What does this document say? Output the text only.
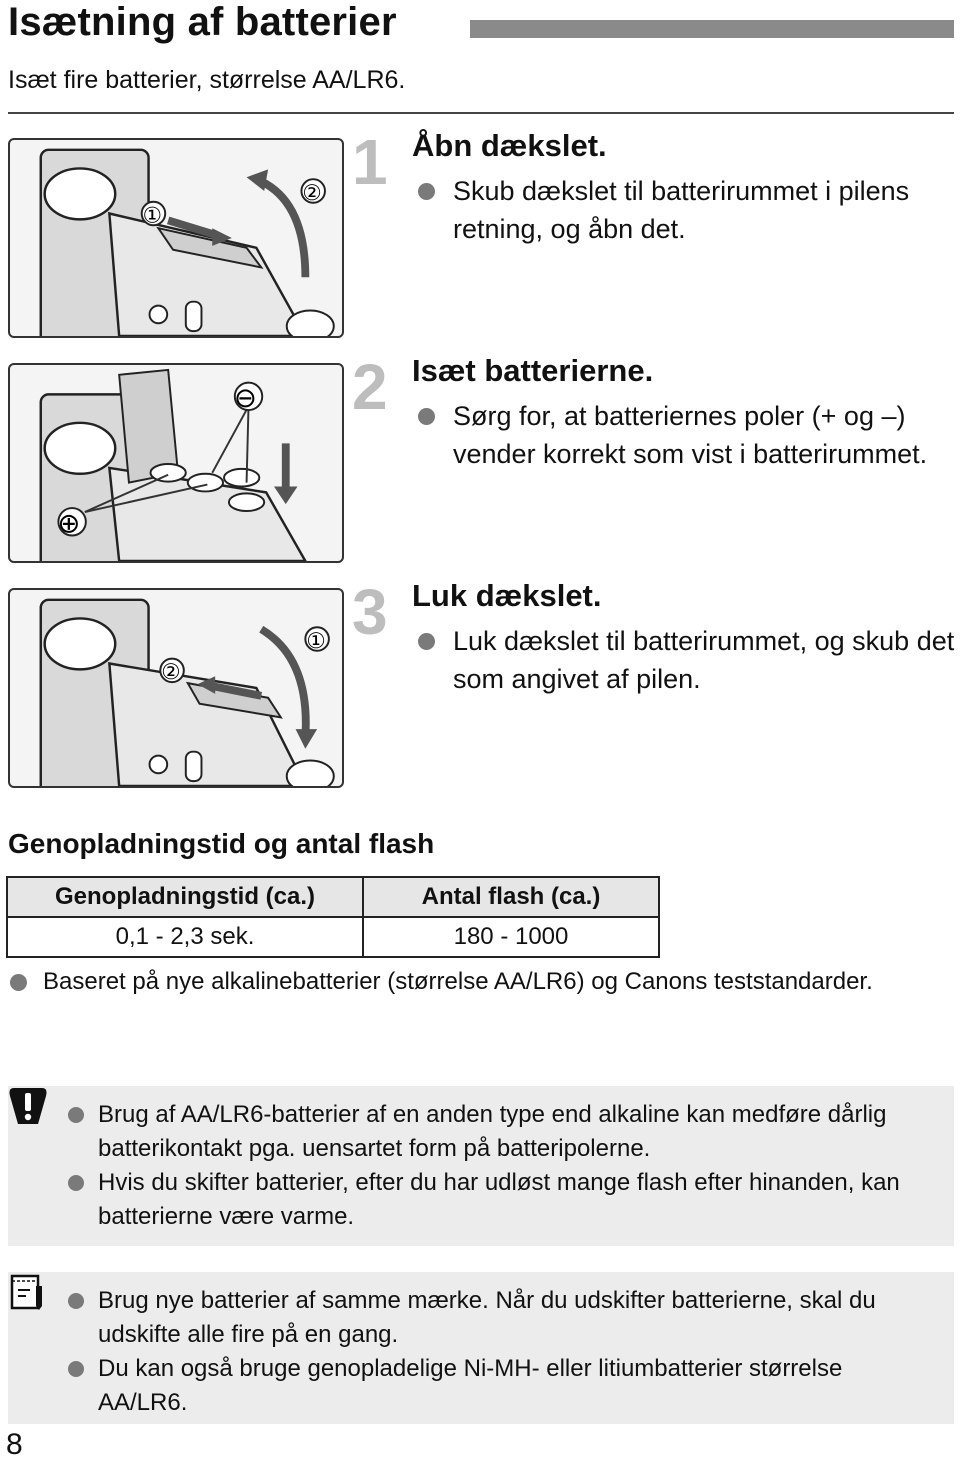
Isætning af batterier
Isæt fire batterier, størrelse AA/LR6.
①
② 1 Åbn dækslet.
Skub dækslet til batterirummet i pilens retning, og åbn det.
⊖
⊕
2 Isæt batterierne.
Sørg for, at batteriernes poler (+ og –) vender korrekt som vist i batterirummet.
①
②
3 Luk dækslet.
Luk dækslet til batterirummet, og skub det som angivet af pilen.
Genopladningstid og antal flash
Genopladningstid (ca.)	Antal flash (ca.)
0,1 - 2,3 sek.	180 - 1000
Baseret på nye alkalinebatterier (størrelse AA/LR6) og Canons teststandarder.
Brug af AA/LR6-batterier af en anden type end alkaline kan medføre dårlig batterikontakt pga. uensartet form på batteripolerne.
Hvis du skifter batterier, efter du har udløst mange flash efter hinanden, kan batterierne være varme.
Brug nye batterier af samme mærke. Når du udskifter batterierne, skal du udskifte alle fire på en gang.
Du kan også bruge genopladelige Ni-MH- eller litiumbatterier størrelse AA/LR6.
8
